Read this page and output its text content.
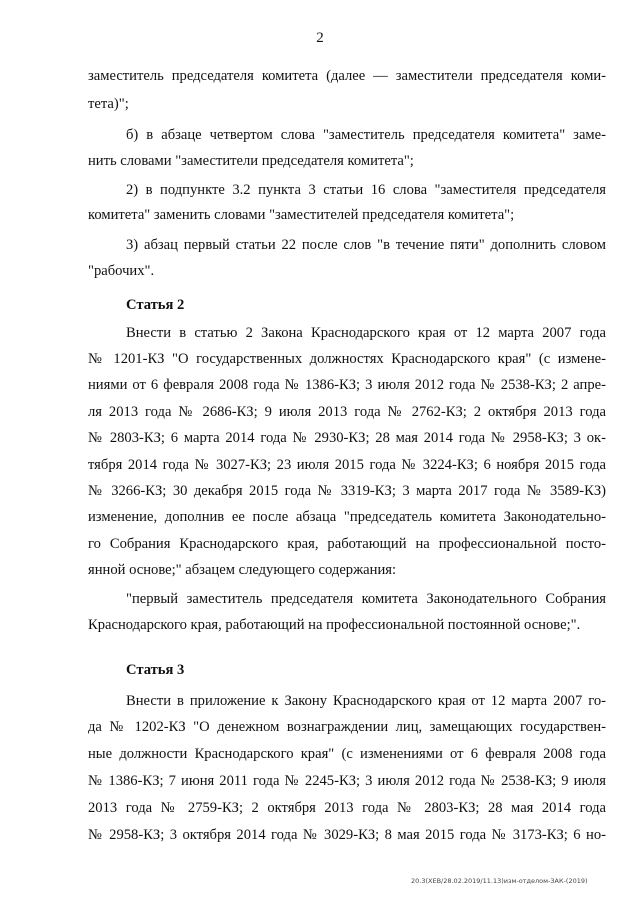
2
заместитель председателя комитета (далее — заместители председателя коми-
тета)";
б) в абзаце четвертом слова "заместитель председателя комитета" заме-
нить словами "заместители председателя комитета";
2) в подпункте 3.2 пункта 3 статьи 16 слова "заместителя председателя
комитета" заменить словами "заместителей председателя комитета";
3) абзац первый статьи 22 после слов "в течение пяти" дополнить словом
"рабочих".
Статья 2
Внести в статью 2 Закона Краснодарского края от 12 марта 2007 года
№ 1201-КЗ "О государственных должностях Краснодарского края" (с измене-
ниями от 6 февраля 2008 года № 1386-КЗ; 3 июля 2012 года № 2538-КЗ; 2 апре-
ля 2013 года № 2686-КЗ; 9 июля 2013 года № 2762-КЗ; 2 октября 2013 года
№ 2803-КЗ; 6 марта 2014 года № 2930-КЗ; 28 мая 2014 года № 2958-КЗ; 3 ок-
тября 2014 года № 3027-КЗ; 23 июля 2015 года № 3224-КЗ; 6 ноября 2015 года
№ 3266-КЗ; 30 декабря 2015 года № 3319-КЗ; 3 марта 2017 года № 3589-КЗ)
изменение, дополнив ее после абзаца "председатель комитета Законодательно-
го Собрания Краснодарского края, работающий на профессиональной посто-
янной основе;" абзацем следующего содержания:
"первый заместитель председателя комитета Законодательного Собрания
Краснодарского края, работающий на профессиональной постоянной основе;".
Статья 3
Внести в приложение к Закону Краснодарского края от 12 марта 2007 го-
да № 1202-КЗ "О денежном вознаграждении лиц, замещающих государствен-
ные должности Краснодарского края" (с изменениями от 6 февраля 2008 года
№ 1386-КЗ; 7 июня 2011 года № 2245-КЗ; 3 июля 2012 года № 2538-КЗ; 9 июля
2013 года № 2759-КЗ; 2 октября 2013 года № 2803-КЗ; 28 мая 2014 года
№ 2958-КЗ; 3 октября 2014 года № 3029-КЗ; 8 мая 2015 года № 3173-КЗ; 6 но-
20.3(ХЕВ/28.02.2019/11.13)изм-отделом-ЗАК-(2019)
